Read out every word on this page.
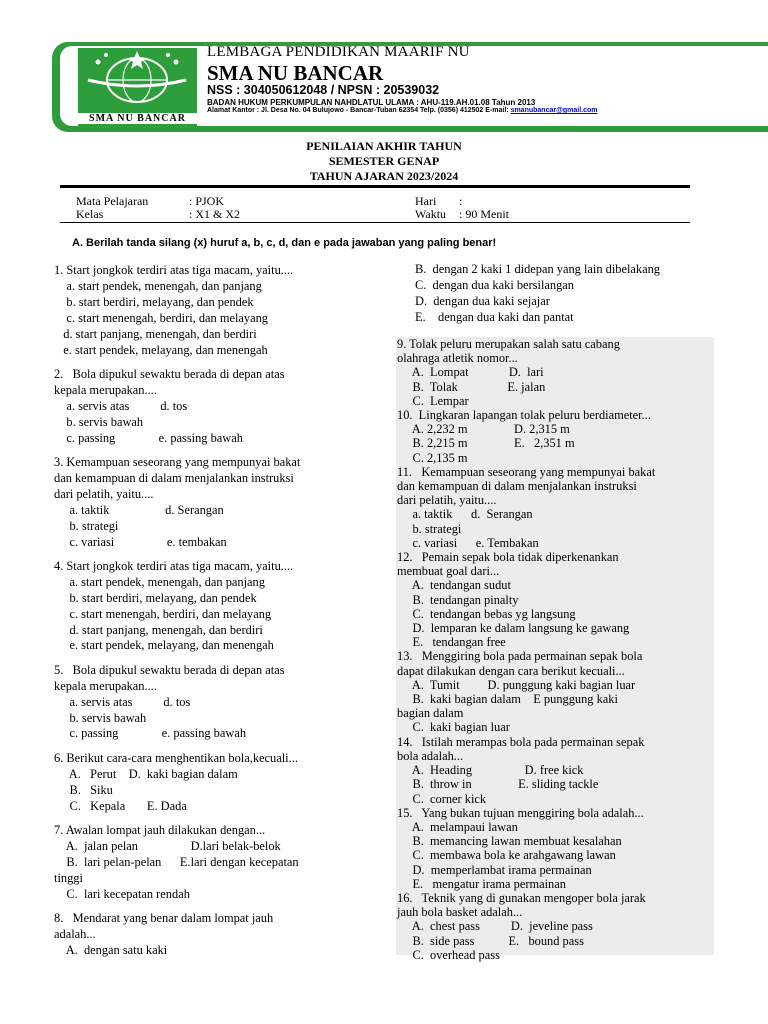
SMA NU BANCAR
LEMBAGA PENDIDIKAN MAARIF NU
SMA NU BANCAR
NSS : 304050612048 / NPSN : 20539032
BADAN HUKUM PERKUMPULAN NAHDLATUL ULAMA : AHU-119.AH.01.08 Tahun 2013
Alamat Kantor : Jl. Desa No. 04 Bulujowo - Bancar-Tuban 62354 Telp. (0356) 412502 E-mail: smanubancar@gmail.com
PENILAIAN AKHIR TAHUN
SEMESTER GENAP
TAHUN AJARAN 2023/2024
Mata Pelajaran	: PJOK
Kelas	: X1 & X2
Hari :
Waktu : 90 Menit
A. Berilah tanda silang (x) huruf a, b, c, d, dan e pada jawaban yang paling benar!
1. Start jongkok terdiri atas tiga macam, yaitu....
a. start pendek, menengah, dan panjang
b. start berdiri, melayang, dan pendek
c. start menengah, berdiri, dan melayang
d. start panjang, menengah, dan berdiri
e. start pendek, melayang, dan menengah
2.   Bola dipukul sewaktu berada di depan atas
kepala merupakan....
a. servis atas          d. tos
b. servis bawah
c. passing              e. passing bawah
3. Kemampuan seseorang yang mempunyai bakat
dan kemampuan di dalam menjalankan instruksi
dari pelatih, yaitu....
a. taktik                  d. Serangan
b. strategi
c. variasi                 e. tembakan
4. Start jongkok terdiri atas tiga macam, yaitu....
a. start pendek, menengah, dan panjang
b. start berdiri, melayang, dan pendek
c. start menengah, berdiri, dan melayang
d. start panjang, menengah, dan berdiri
e. start pendek, melayang, dan menengah
5.   Bola dipukul sewaktu berada di depan atas
kepala merupakan....
a. servis atas          d. tos
b. servis bawah
c. passing              e. passing bawah
6. Berikut cara-cara menghentikan bola,kecuali...
A.   Perut    D.  kaki bagian dalam
B.   Siku
C.   Kepala       E. Dada
7. Awalan lompat jauh dilakukan dengan...
A.  jalan pelan                 D.lari belak-belok
B.  lari pelan-pelan      E.lari dengan kecepatan
tinggi
C.  lari kecepatan rendah
8.   Mendarat yang benar dalam lompat jauh
adalah...
A.  dengan satu kaki
B.  dengan 2 kaki 1 didepan yang lain dibelakang
C.  dengan dua kaki bersilangan
D.  dengan dua kaki sejajar
E.    dengan dua kaki dan pantat
9. Tolak peluru merupakan salah satu cabang
olahraga atletik nomor...
A.  Lompat             D.  lari
B.  Tolak                E. jalan
C.  Lempar
10.  Lingkaran lapangan tolak peluru berdiameter...
A. 2,232 m               D. 2,315 m
B. 2,215 m               E.   2,351 m
C. 2,135 m
11.   Kemampuan seseorang yang mempunyai bakat
dan kemampuan di dalam menjalankan instruksi
dari pelatih, yaitu....
a. taktik      d.  Serangan
b. strategi
c. variasi      e. Tembakan
12.   Pemain sepak bola tidak diperkenankan
membuat goal dari...
A.  tendangan sudut
B.  tendangan pinalty
C.  tendangan bebas yg langsung
D.  lemparan ke dalam langsung ke gawang
E.   tendangan free
13.   Menggiring bola pada permainan sepak bola
dapat dilakukan dengan cara berikut kecuali...
A.  Tumit         D. punggung kaki bagian luar
B.  kaki bagian dalam    E punggung kaki
bagian dalam
C.  kaki bagian luar
14.   Istilah merampas bola pada permainan sepak
bola adalah...
A.  Heading                 D. free kick
B.  throw in               E. sliding tackle
C.  corner kick
15.   Yang bukan tujuan menggiring bola adalah...
A.  melampaui lawan
B.  memancing lawan membuat kesalahan
C.  membawa bola ke arahgawang lawan
D.  memperlambat irama permainan
E.   mengatur irama permainan
16.   Teknik yang di gunakan mengoper bola jarak
jauh bola basket adalah...
A.  chest pass          D.  jeveline pass
B.  side pass           E.   bound pass
C.  overhead pass
